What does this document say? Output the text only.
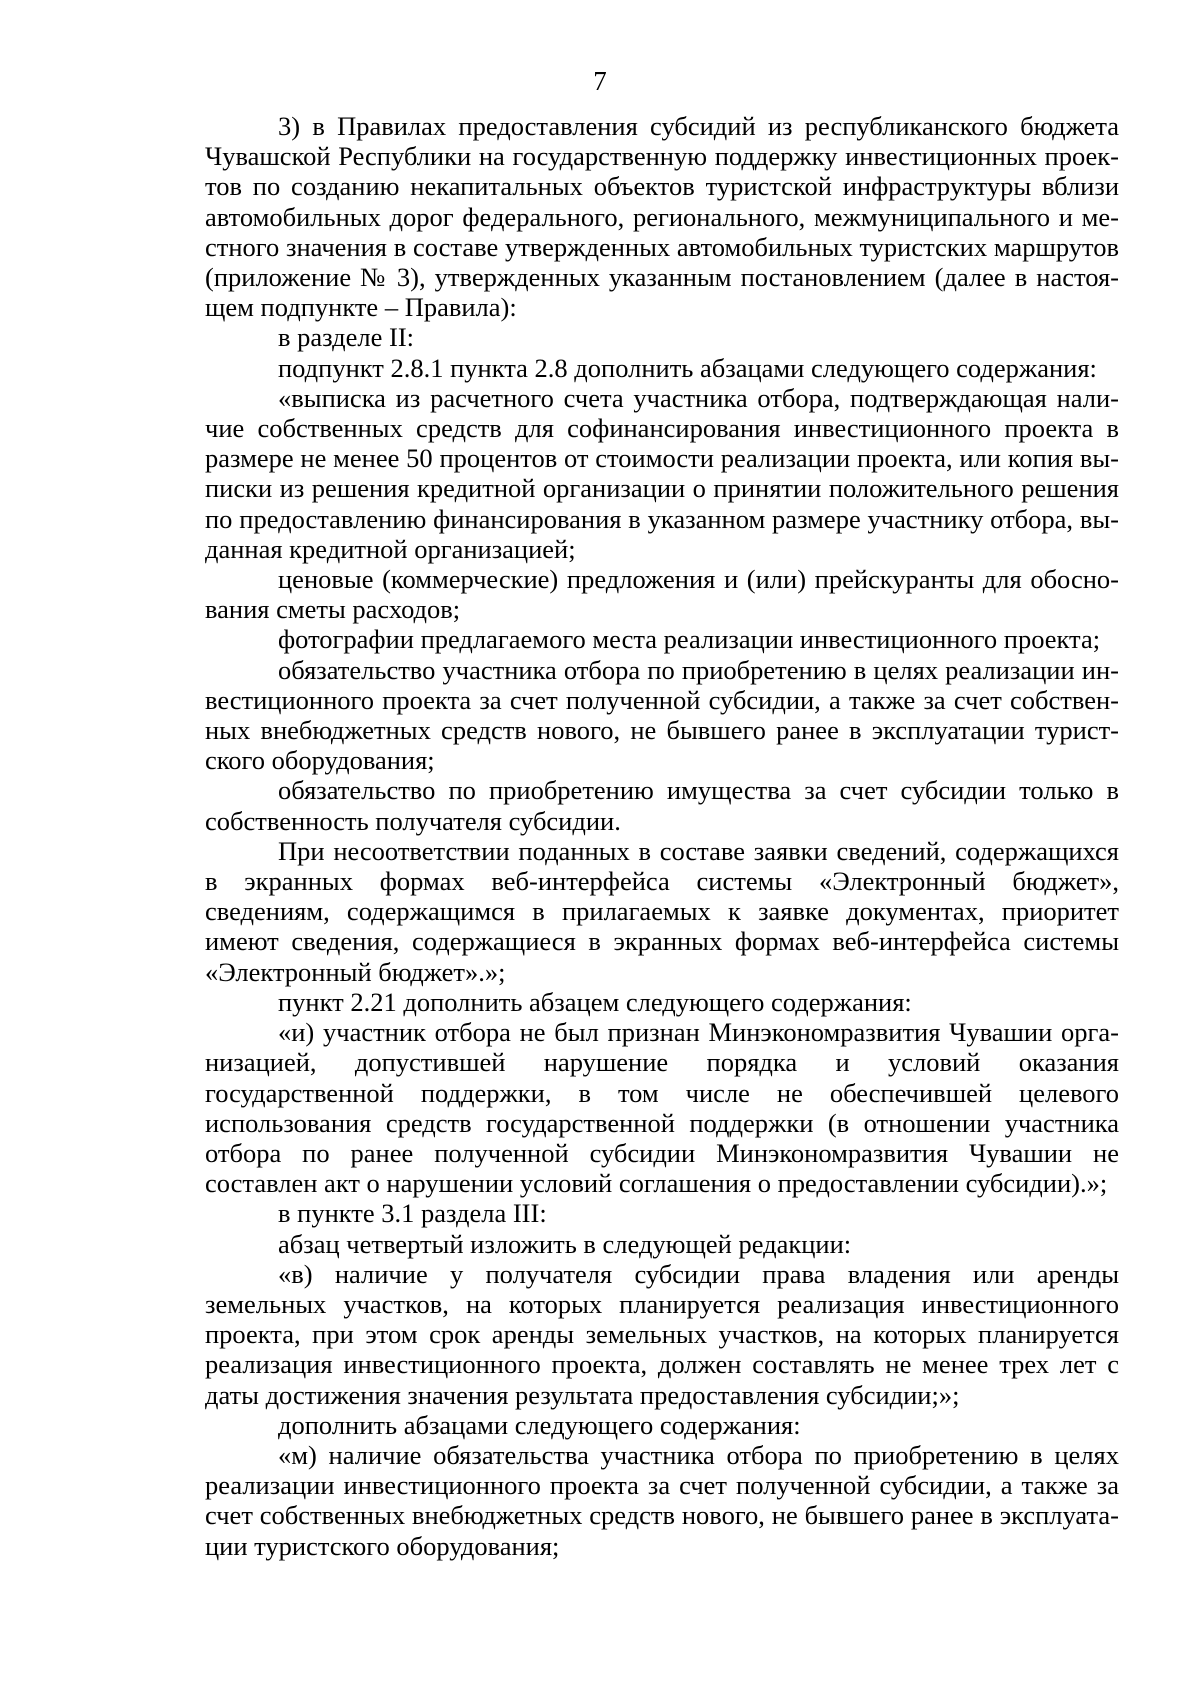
7

3) в Правилах предоставления субсидий из республиканского бюджета Чувашской Республики на государственную поддержку инвестиционных проектов по созданию некапитальных объектов туристской инфраструктуры вблизи автомобильных дорог федерального, регионального, межмуниципального и местного значения в составе утвержденных автомобильных туристских маршрутов (приложение № 3), утвержденных указанным постановлением (далее в настоящем подпункте – Правила):

в разделе II:

подпункт 2.8.1 пункта 2.8 дополнить абзацами следующего содержания:

«выписка из расчетного счета участника отбора, подтверждающая наличие собственных средств для софинансирования инвестиционного проекта в размере не менее 50 процентов от стоимости реализации проекта, или копия выписки из решения кредитной организации о принятии положительного решения по предоставлению финансирования в указанном размере участнику отбора, выданная кредитной организацией;

ценовые (коммерческие) предложения и (или) прейскуранты для обоснования сметы расходов;

фотографии предлагаемого места реализации инвестиционного проекта;

обязательство участника отбора по приобретению в целях реализации инвестиционного проекта за счет полученной субсидии, а также за счет собственных внебюджетных средств нового, не бывшего ранее в эксплуатации туристского оборудования;

обязательство по приобретению имущества за счет субсидии только в собственность получателя субсидии.

При несоответствии поданных в составе заявки сведений, содержащихся в экранных формах веб-интерфейса системы «Электронный бюджет», сведениям, содержащимся в прилагаемых к заявке документах, приоритет имеют сведения, содержащиеся в экранных формах веб-интерфейса системы «Электронный бюджет».»;

пункт 2.21 дополнить абзацем следующего содержания:

«и) участник отбора не был признан Минэкономразвития Чувашии организацией, допустившей нарушение порядка и условий оказания государственной поддержки, в том числе не обеспечившей целевого использования средств государственной поддержки (в отношении участника отбора по ранее полученной субсидии Минэкономразвития Чувашии не составлен акт о нарушении условий соглашения о предоставлении субсидии).»;

в пункте 3.1 раздела III:

абзац четвертый изложить в следующей редакции:

«в) наличие у получателя субсидии права владения или аренды земельных участков, на которых планируется реализация инвестиционного проекта, при этом срок аренды земельных участков, на которых планируется реализация инвестиционного проекта, должен составлять не менее трех лет с даты достижения значения результата предоставления субсидии;»;

дополнить абзацами следующего содержания:

«м) наличие обязательства участника отбора по приобретению в целях реализации инвестиционного проекта за счет полученной субсидии, а также за счет собственных внебюджетных средств нового, не бывшего ранее в эксплуатации туристского оборудования;
